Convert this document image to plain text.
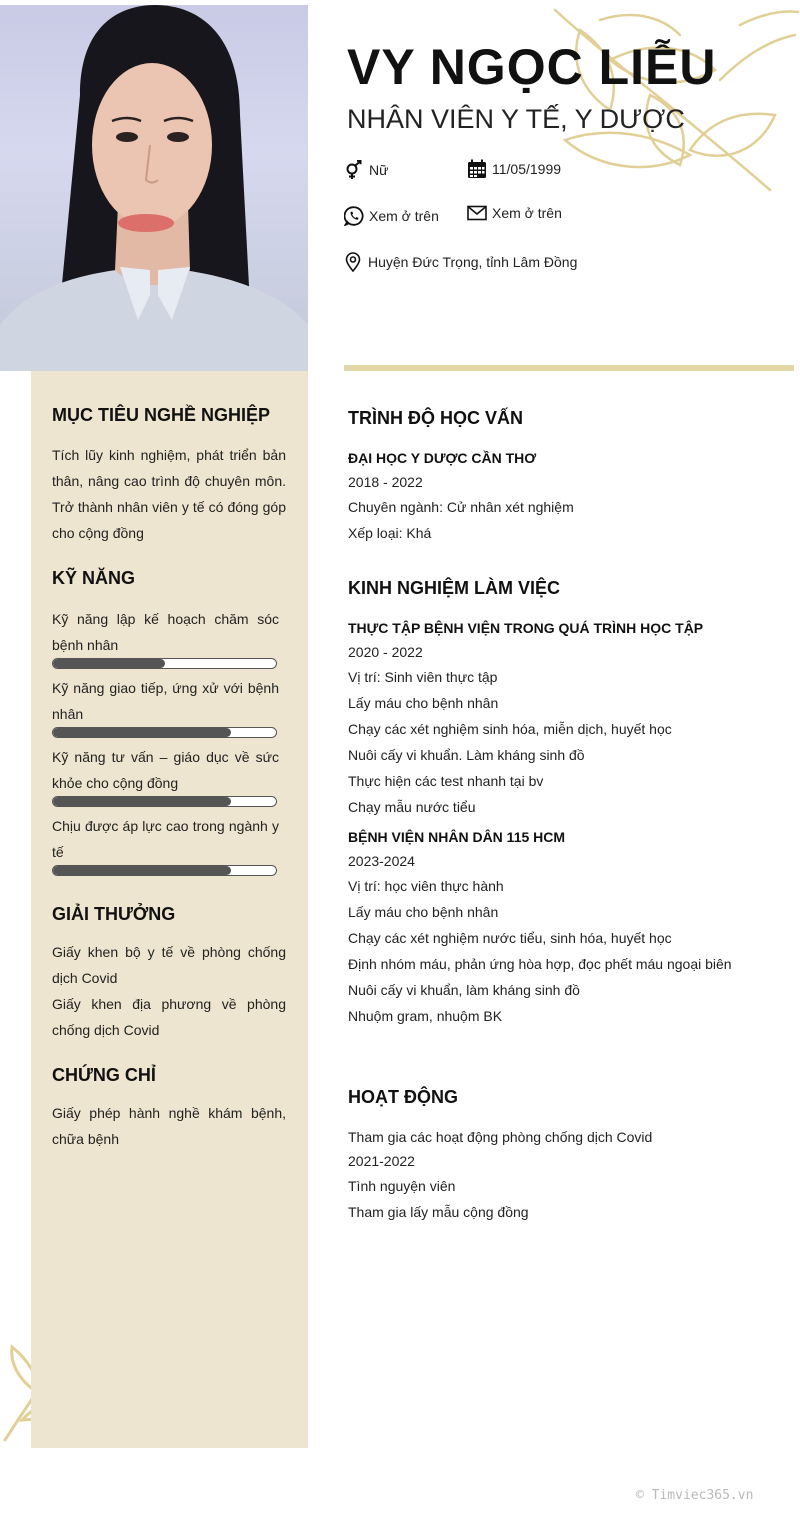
VY NGỌC LIỄU
NHÂN VIÊN Y TẾ, Y DƯỢC
Nữ	11/05/1999
Xem ở trên	Xem ở trên
Huyện Đức Trọng, tỉnh Lâm Đồng
MỤC TIÊU NGHỀ NGHIỆP
Tích lũy kinh nghiệm, phát triển bản thân, nâng cao trình độ chuyên môn. Trở thành nhân viên y tế có đóng góp cho cộng đồng
KỸ NĂNG
Kỹ năng lập kế hoạch chăm sóc bệnh nhân
Kỹ năng giao tiếp, ứng xử với bệnh nhân
Kỹ năng tư vấn – giáo dục về sức khỏe cho cộng đồng
Chịu được áp lực cao trong ngành y tế
GIẢI THƯỞNG
Giấy khen bộ y tế về phòng chống dịch Covid
Giấy khen địa phương về phòng chống dịch Covid
CHỨNG CHỈ
Giấy phép hành nghề khám bệnh, chữa bệnh
TRÌNH ĐỘ HỌC VẤN
ĐẠI HỌC Y DƯỢC CẦN THƠ
2018 - 2022
Chuyên ngành: Cử nhân xét nghiệm
Xếp loại: Khá
KINH NGHIỆM LÀM VIỆC
THỰC TẬP BỆNH VIỆN TRONG QUÁ TRÌNH HỌC TẬP
2020 - 2022
Vị trí: Sinh viên thực tập
Lấy máu cho bệnh nhân
Chạy các xét nghiệm sinh hóa, miễn dịch, huyết học
Nuôi cấy vi khuẩn. Làm kháng sinh đồ
Thực hiện các test nhanh tại bv
Chạy mẫu nước tiểu
BỆNH VIỆN NHÂN DÂN 115 HCM
2023-2024
Vị trí: học viên thực hành
Lấy máu cho bệnh nhân
Chạy các xét nghiệm nước tiểu, sinh hóa, huyết học
Định nhóm máu, phản ứng hòa hợp, đọc phết máu ngoại biên
Nuôi cấy vi khuẩn, làm kháng sinh đồ
Nhuộm gram, nhuộm BK
HOẠT ĐỘNG
Tham gia các hoạt động phòng chống dịch Covid
2021-2022
Tình nguyện viên
Tham gia lấy mẫu cộng đồng
© Timviec365.vn
